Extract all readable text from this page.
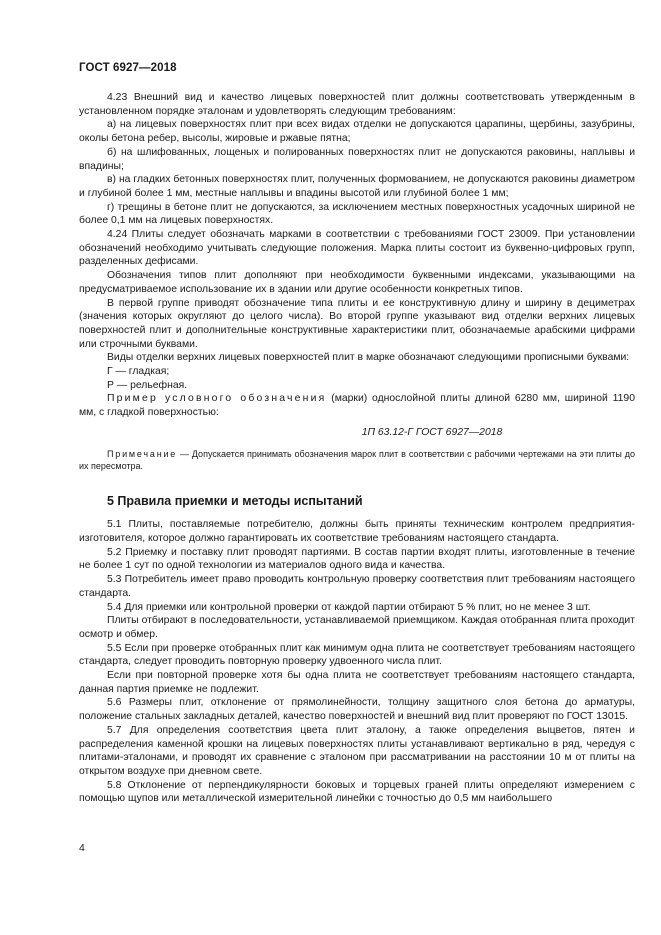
ГОСТ 6927—2018

4.23 Внешний вид и качество лицевых поверхностей плит должны соответствовать утвержденным в установленном порядке эталонам и удовлетворять следующим требованиям:

а) на лицевых поверхностях плит при всех видах отделки не допускаются царапины, щербины, зазубрины, околы бетона ребер, высолы, жировые и ржавые пятна;

б) на шлифованных, лощеных и полированных поверхностях плит не допускаются раковины, наплывы и впадины;

в) на гладких бетонных поверхностях плит, полученных формованием, не допускаются раковины диаметром и глубиной более 1 мм, местные наплывы и впадины высотой или глубиной более 1 мм;

г) трещины в бетоне плит не допускаются, за исключением местных поверхностных усадочных шириной не более 0,1 мм на лицевых поверхностях.

4.24 Плиты следует обозначать марками в соответствии с требованиями ГОСТ 23009. При установлении обозначений необходимо учитывать следующие положения. Марка плиты состоит из буквенно-цифровых групп, разделенных дефисами.

Обозначения типов плит дополняют при необходимости буквенными индексами, указывающими на предусматриваемое использование их в здании или другие особенности конкретных типов.

В первой группе приводят обозначение типа плиты и ее конструктивную длину и ширину в дециметрах (значения которых округляют до целого числа). Во второй группе указывают вид отделки верхних лицевых поверхностей плит и дополнительные конструктивные характеристики плит, обозначаемые арабскими цифрами или строчными буквами.

Виды отделки верхних лицевых поверхностей плит в марке обозначают следующими прописными буквами:

Г — гладкая;

Р — рельефная.

Пример условного обозначения (марки) однослойной плиты длиной 6280 мм, шириной 1190 мм, с гладкой поверхностью:

1П 63.12-Г ГОСТ 6927—2018

Примечание — Допускается принимать обозначения марок плит в соответствии с рабочими чертежами на эти плиты до их пересмотра.

5 Правила приемки и методы испытаний

5.1 Плиты, поставляемые потребителю, должны быть приняты техническим контролем предприятия-изготовителя, которое должно гарантировать их соответствие требованиям настоящего стандарта.

5.2 Приемку и поставку плит проводят партиями. В состав партии входят плиты, изготовленные в течение не более 1 сут по одной технологии из материалов одного вида и качества.

5.3 Потребитель имеет право проводить контрольную проверку соответствия плит требованиям настоящего стандарта.

5.4 Для приемки или контрольной проверки от каждой партии отбирают 5 % плит, но не менее 3 шт.

Плиты отбирают в последовательности, устанавливаемой приемщиком. Каждая отобранная плита проходит осмотр и обмер.

5.5 Если при проверке отобранных плит как минимум одна плита не соответствует требованиям настоящего стандарта, следует проводить повторную проверку удвоенного числа плит.

Если при повторной проверке хотя бы одна плита не соответствует требованиям настоящего стандарта, данная партия приемке не подлежит.

5.6 Размеры плит, отклонение от прямолинейности, толщину защитного слоя бетона до арматуры, положение стальных закладных деталей, качество поверхностей и внешний вид плит проверяют по ГОСТ 13015.

5.7 Для определения соответствия цвета плит эталону, а также определения выцветов, пятен и распределения каменной крошки на лицевых поверхностях плиты устанавливают вертикально в ряд, чередуя с плитами-эталонами, и проводят их сравнение с эталоном при рассматривании на расстоянии 10 м от плиты на открытом воздухе при дневном свете.

5.8 Отклонение от перпендикулярности боковых и торцевых граней плиты определяют измерением с помощью щупов или металлической измерительной линейки с точностью до 0,5 мм наибольшего

4
